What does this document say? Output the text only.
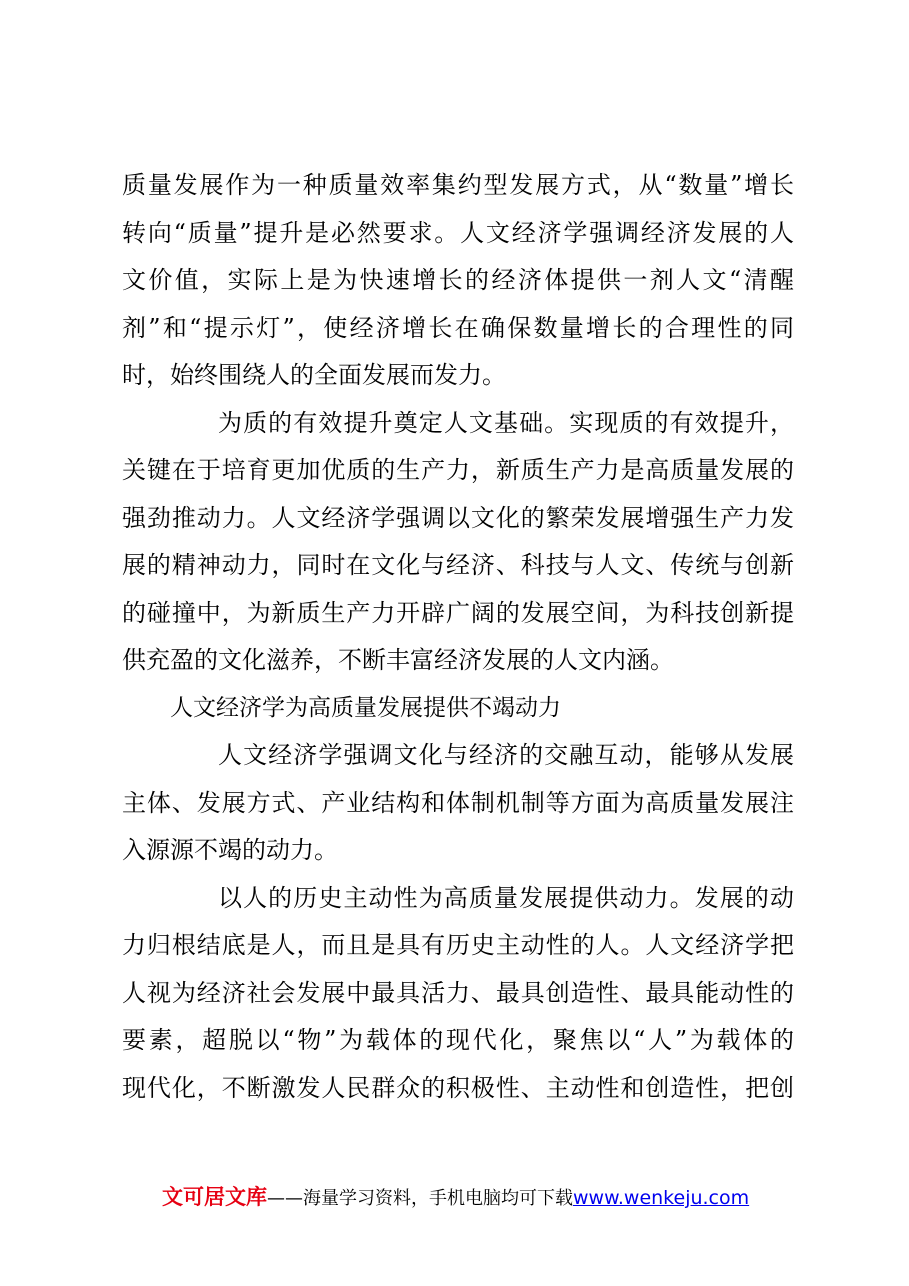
质量发展作为一种质量效率集约型发展方式，从“数量”增长
转向“质量”提升是必然要求。人文经济学强调经济发展的人
文价值，实际上是为快速增长的经济体提供一剂人文“清醒
剂”和“提示灯”，使经济增长在确保数量增长的合理性的同
时，始终围绕人的全面发展而发力。
为质的有效提升奠定人文基础。实现质的有效提升，
关键在于培育更加优质的生产力，新质生产力是高质量发展的
强劲推动力。人文经济学强调以文化的繁荣发展增强生产力发
展的精神动力，同时在文化与经济、科技与人文、传统与创新
的碰撞中，为新质生产力开辟广阔的发展空间，为科技创新提
供充盈的文化滋养，不断丰富经济发展的人文内涵。
人文经济学为高质量发展提供不竭动力
人文经济学强调文化与经济的交融互动，能够从发展
主体、发展方式、产业结构和体制机制等方面为高质量发展注
入源源不竭的动力。
以人的历史主动性为高质量发展提供动力。发展的动
力归根结底是人，而且是具有历史主动性的人。人文经济学把
人视为经济社会发展中最具活力、最具创造性、最具能动性的
要素，超脱以“物”为载体的现代化，聚焦以“人”为载体的
现代化，不断激发人民群众的积极性、主动性和创造性，把创
文可居文库——海量学习资料，手机电脑均可下载www.wenkeju.com
